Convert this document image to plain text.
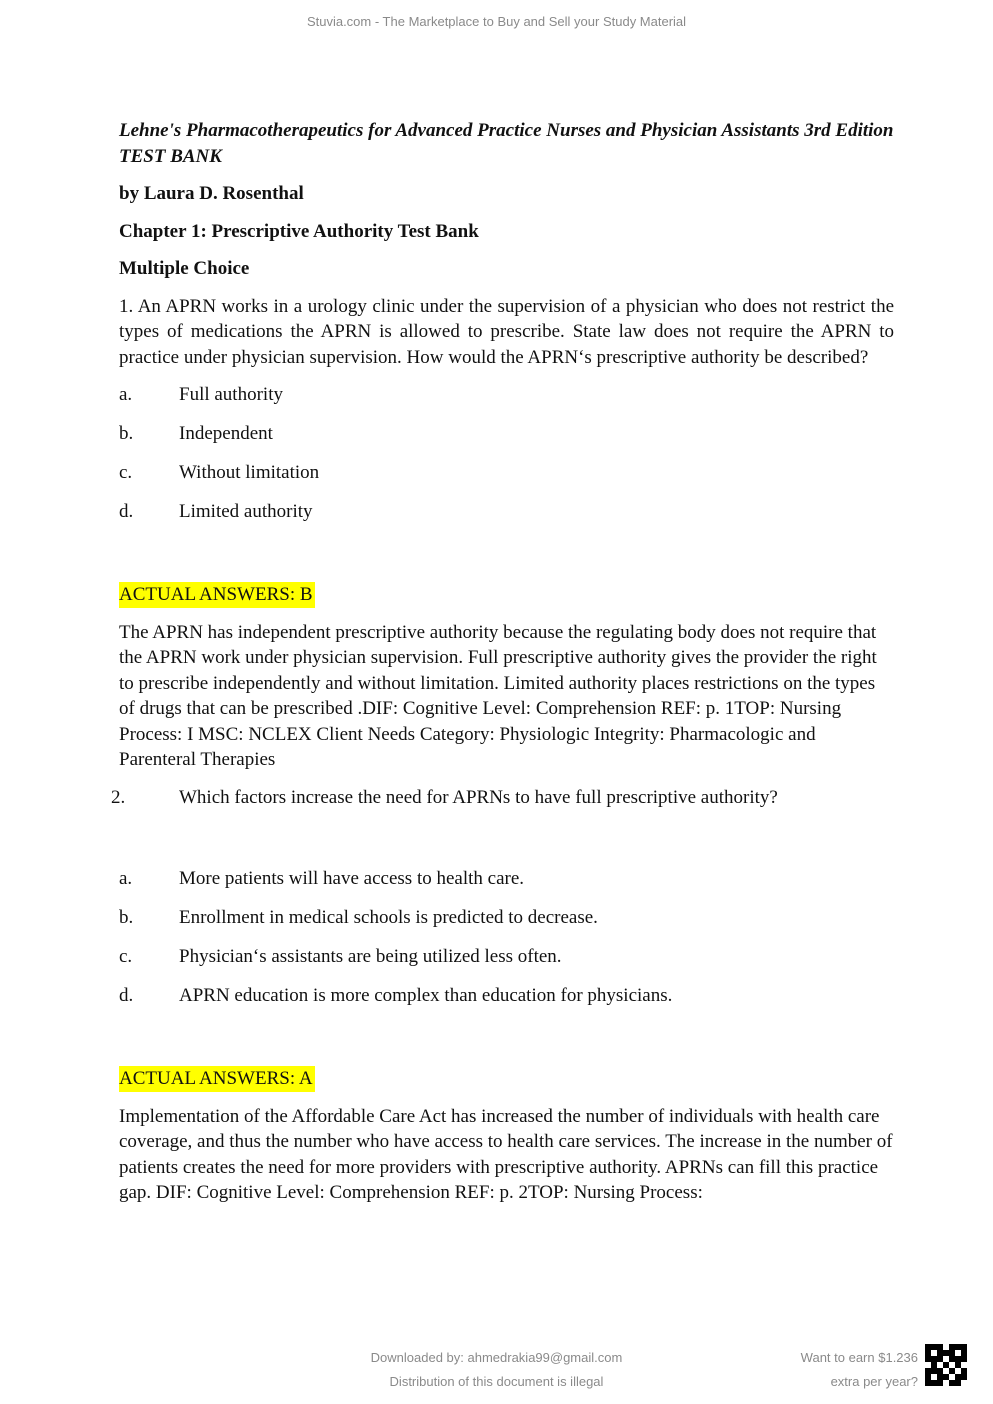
Stuvia.com - The Marketplace to Buy and Sell your Study Material

Lehne's Pharmacotherapeutics for Advanced Practice Nurses and Physician Assistants 3rd Edition TEST BANK

by Laura D. Rosenthal

Chapter 1: Prescriptive Authority Test Bank

Multiple Choice

1. An APRN works in a urology clinic under the supervision of a physician who does not restrict the types of medications the APRN is allowed to prescribe. State law does not require the APRN to practice under physician supervision. How would the APRN‘s prescriptive authority be described?

a.	Full authority
b.	Independent
c.	Without limitation
d.	Limited authority
ACTUAL ANSWERS: B

The APRN has independent prescriptive authority because the regulating body does not require that the APRN work under physician supervision. Full prescriptive authority gives the provider the right to prescribe independently and without limitation. Limited authority places restrictions on the types of drugs that can be prescribed .DIF: Cognitive Level: Comprehension REF: p. 1TOP: Nursing Process: I MSC: NCLEX Client Needs Category: Physiologic Integrity: Pharmacologic and Parenteral Therapies

2.	Which factors increase the need for APRNs to have full prescriptive authority?
a.	More patients will have access to health care.
b.	Enrollment in medical schools is predicted to decrease.
c.	Physician‘s assistants are being utilized less often.
d.	APRN education is more complex than education for physicians.
ACTUAL ANSWERS: A

Implementation of the Affordable Care Act has increased the number of individuals with health care coverage, and thus the number who have access to health care services. The increase in the number of patients creates the need for more providers with prescriptive authority. APRNs can fill this practice gap. DIF: Cognitive Level: Comprehension REF: p. 2TOP: Nursing Process:

Downloaded by: ahmedrakia99@gmail.com
Distribution of this document is illegal
Want to earn $1.236
extra per year?
